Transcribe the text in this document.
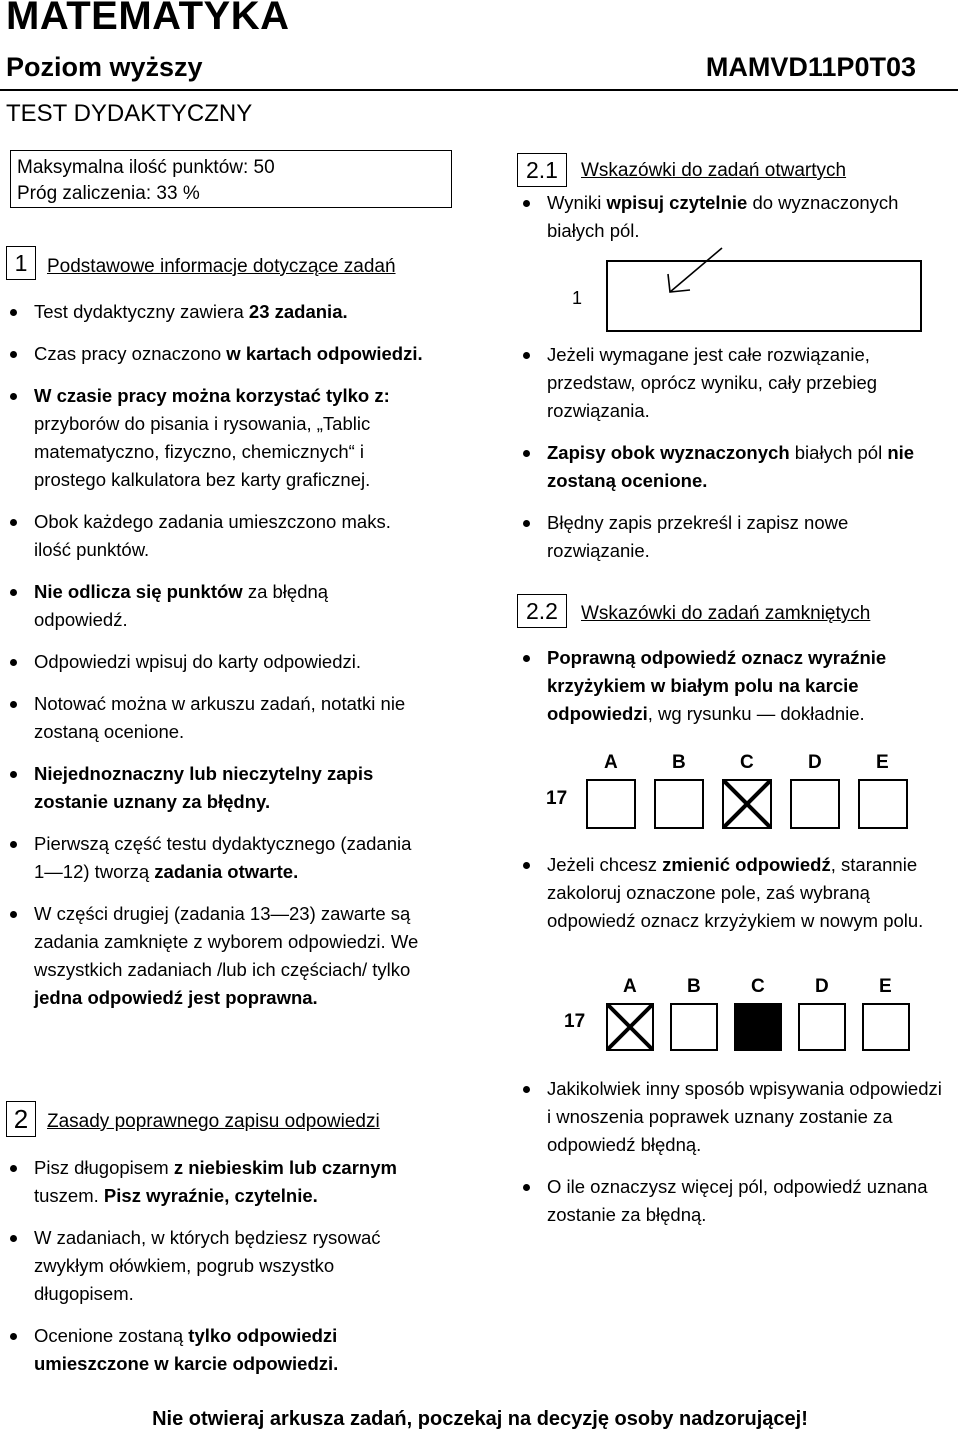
MATEMATYKA
Poziom wyższy	MAMVD11P0T03
TEST DYDAKTYCZNY
Maksymalna ilość punktów: 50
Próg zaliczenia: 33 %
1	Podstawowe informacje dotyczące zadań
Test dydaktyczny zawiera 23 zadania.
Czas pracy oznaczono w kartach odpowiedzi.
W czasie pracy można korzystać tylko z: przyborów do pisania i rysowania, „Tablic matematyczno, fizyczno, chemicznych“ i prostego kalkulatora bez karty graficznej.
Obok każdego zadania umieszczono maks. ilość punktów.
Nie odlicza się punktów za błędną odpowiedź.
Odpowiedzi wpisuj do karty odpowiedzi.
Notować można w arkuszu zadań, notatki nie zostaną ocenione.
Niejednoznaczny lub nieczytelny zapis zostanie uznany za błędny.
Pierwszą część testu dydaktycznego (zadania 1—12) tworzą zadania otwarte.
W części drugiej (zadania 13—23) zawarte są zadania zamknięte z wyborem odpowiedzi. We wszystkich zadaniach /lub ich częściach/ tylko jedna odpowiedź jest poprawna.
2 Zasady poprawnego zapisu odpowiedzi
Pisz długopisem z niebieskim lub czarnym tuszem. Pisz wyraźnie, czytelnie.
W zadaniach, w których będziesz rysować zwykłym ołówkiem, pogrub wszystko długopisem.
Ocenione zostaną tylko odpowiedzi umieszczone w karcie odpowiedzi.
2.1	Wskazówki do zadań otwartych
Wyniki wpisuj czytelnie do wyznaczonych białych pól.
1
Jeżeli wymagane jest całe rozwiązanie, przedstaw, oprócz wyniku, cały przebieg rozwiązania.
Zapisy obok wyznaczonych białych pól nie zostaną ocenione.
Błędny zapis przekreśl i zapisz nowe rozwiązanie.
2.2	Wskazówki do zadań zamkniętych
Poprawną odpowiedź oznacz wyraźnie krzyżykiem w białym polu na karcie odpowiedzi, wg rysunku — dokładnie.
17
A	B	C	D	E
Jeżeli chcesz zmienić odpowiedź, starannie zakoloruj oznaczone pole, zaś wybraną odpowiedź oznacz krzyżykiem w nowym polu.
17
A	B	C	D	E
Jakikolwiek inny sposób wpisywania odpowiedzi i wnoszenia poprawek uznany zostanie za odpowiedź błędną.
O ile oznaczysz więcej pól, odpowiedź uznana zostanie za błędną.
Nie otwieraj arkusza zadań, poczekaj na decyzję osoby nadzorującej!
